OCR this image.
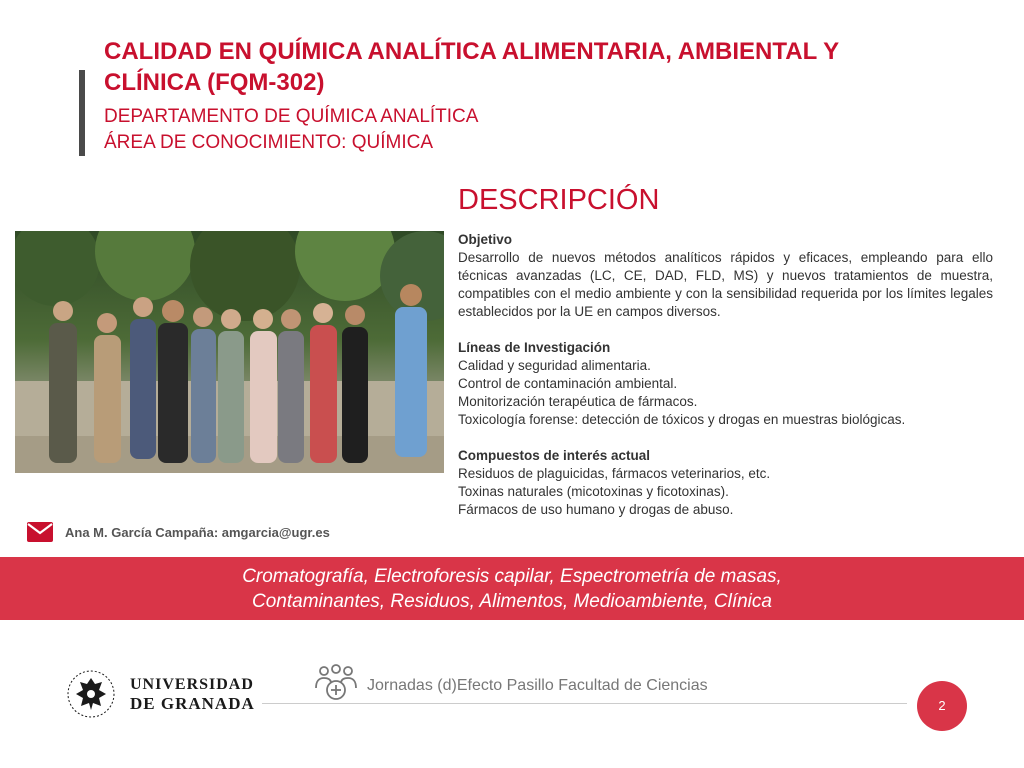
CALIDAD EN QUÍMICA ANALÍTICA ALIMENTARIA, AMBIENTAL Y CLÍNICA (FQM-302)
DEPARTAMENTO DE QUÍMICA ANALÍTICA
ÁREA DE CONOCIMIENTO: QUÍMICA
DESCRIPCIÓN
Objetivo

Desarrollo de nuevos métodos analíticos rápidos y eficaces, empleando para ello técnicas avanzadas (LC, CE, DAD, FLD, MS) y nuevos tratamientos de muestra, compatibles con el medio ambiente y con la sensibilidad requerida por los límites legales establecidos por la UE en campos diversos.

Líneas de Investigación
Calidad y seguridad alimentaria.
Control de contaminación ambiental.
Monitorización terapéutica de fármacos.
Toxicología forense: detección de tóxicos y drogas en muestras biológicas.
Compuestos de interés actual
Residuos de plaguicidas, fármacos veterinarios, etc.
Toxinas naturales (micotoxinas y ficotoxinas).
Fármacos de uso humano y drogas de abuso.
Ana M. García Campaña: amgarcia@ugr.es
Cromatografía, Electroforesis capilar, Espectrometría de masas,
Contaminantes, Residuos, Alimentos, Medioambiente, Clínica
UNIVERSIDAD
DE GRANADA
Jornadas (d)Efecto Pasillo Facultad de Ciencias
2
